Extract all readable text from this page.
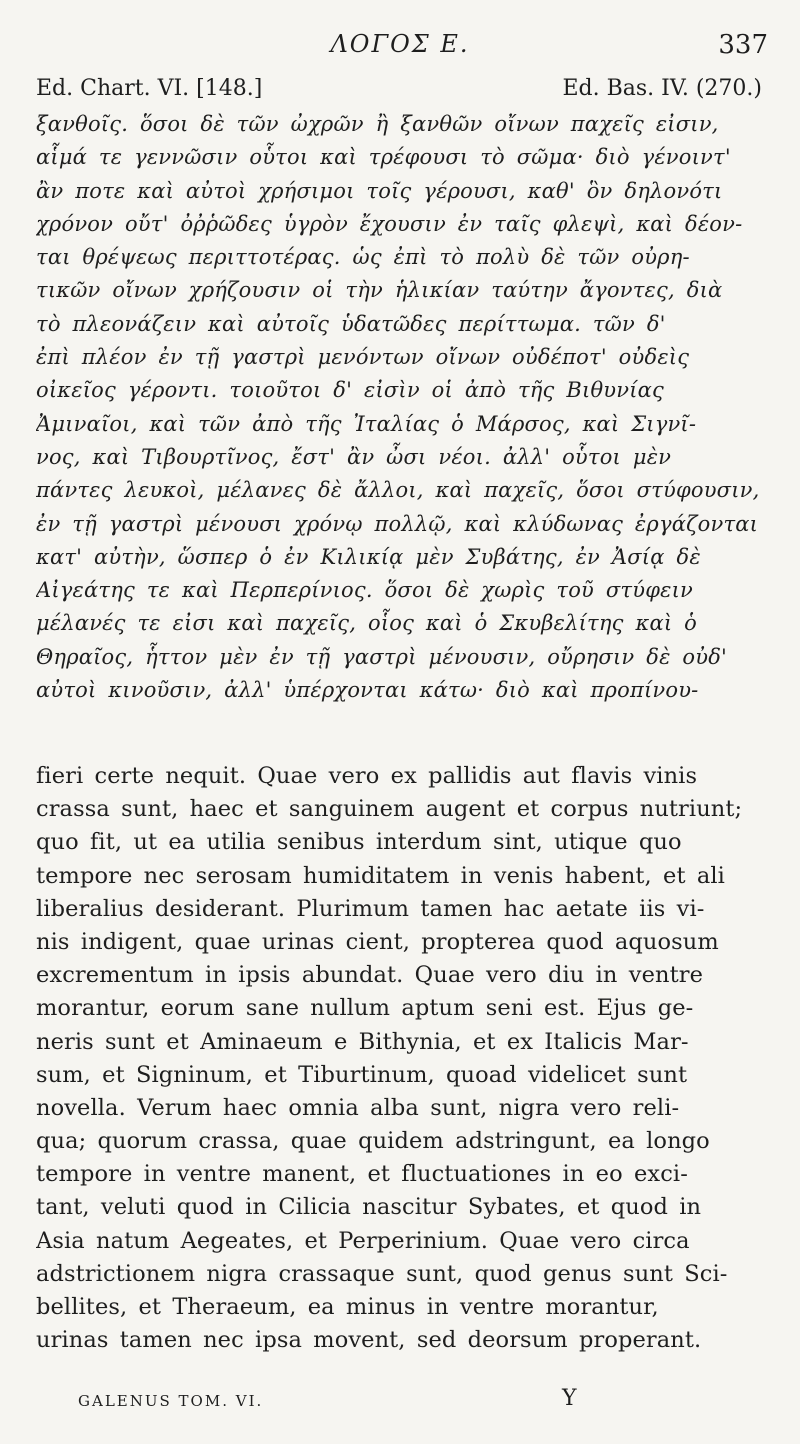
ΛΟΓΟΣ Ε.	337
Ed. Chart. VI. [148.]	Ed. Bas. IV. (270.)
ξανθοῖς. ὅσοι δὲ τῶν ὠχρῶν ἢ ξανθῶν οἴνων παχεῖς εἰσιν,
αἷμά τε γεννῶσιν οὗτοι καὶ τρέφουσι τὸ σῶμα· διὸ γένοιντ'
ἂν ποτε καὶ αὐτοὶ χρήσιμοι τοῖς γέρουσι, καθ' ὃν δηλονότι
χρόνον οὔτ' ὀῤῥῶδες ὑγρὸν ἔχουσιν ἐν ταῖς φλεψὶ, καὶ δέον-
ται θρέψεως περιττοτέρας. ὡς ἐπὶ τὸ πολὺ δὲ τῶν οὐρη-
τικῶν οἴνων χρήζουσιν οἱ τὴν ἡλικίαν ταύτην ἄγοντες, διὰ
τὸ πλεονάζειν καὶ αὐτοῖς ὑδατῶδες περίττωμα. τῶν δ'
ἐπὶ πλέον ἐν τῇ γαστρὶ μενόντων οἴνων οὐδέποτ' οὐδεὶς
οἰκεῖος γέροντι. τοιοῦτοι δ' εἰσὶν οἱ ἀπὸ τῆς Βιθυνίας
Ἀμιναῖοι, καὶ τῶν ἀπὸ τῆς Ἰταλίας ὁ Μάρσος, καὶ Σιγνῖ-
νος, καὶ Τιβουρτῖνος, ἔστ' ἂν ὦσι νέοι. ἀλλ' οὗτοι μὲν
πάντες λευκοὶ, μέλανες δὲ ἄλλοι, καὶ παχεῖς, ὅσοι στύφουσιν,
ἐν τῇ γαστρὶ μένουσι χρόνῳ πολλῷ, καὶ κλύδωνας ἐργάζονται
κατ' αὐτὴν, ὥσπερ ὁ ἐν Κιλικίᾳ μὲν Συβάτης, ἐν Ἀσίᾳ δὲ
Αἰγεάτης τε καὶ Περπερίνιος. ὅσοι δὲ χωρὶς τοῦ στύφειν
μέλανές τε εἰσι καὶ παχεῖς, οἷος καὶ ὁ Σκυβελίτης καὶ ὁ
Θηραῖος, ἧττον μὲν ἐν τῇ γαστρὶ μένουσιν, οὔρησιν δὲ οὐδ'
αὐτοὶ κινοῦσιν, ἀλλ' ὑπέρχονται κάτω· διὸ καὶ προπίνου-
fieri certe nequit. Quae vero ex pallidis aut flavis vinis
crassa sunt, haec et sanguinem augent et corpus nutriunt;
quo fit, ut ea utilia senibus interdum sint, utique quo
tempore nec serosam humiditatem in venis habent, et ali
liberalius desiderant. Plurimum tamen hac aetate iis vi-
nis indigent, quae urinas cient, propterea quod aquosum
excrementum in ipsis abundat. Quae vero diu in ventre
morantur, eorum sane nullum aptum seni est. Ejus ge-
neris sunt et Aminaeum e Bithynia, et ex Italicis Mar-
sum, et Signinum, et Tiburtinum, quoad videlicet sunt
novella. Verum haec omnia alba sunt, nigra vero reli-
qua; quorum crassa, quae quidem adstringunt, ea longo
tempore in ventre manent, et fluctuationes in eo exci-
tant, veluti quod in Cilicia nascitur Sybates, et quod in
Asia natum Aegeates, et Perperinium. Quae vero circa
adstrictionem nigra crassaque sunt, quod genus sunt Sci-
bellites, et Theraeum, ea minus in ventre morantur,
urinas tamen nec ipsa movent, sed deorsum properant.
GALENUS TOM. VI.	Y
